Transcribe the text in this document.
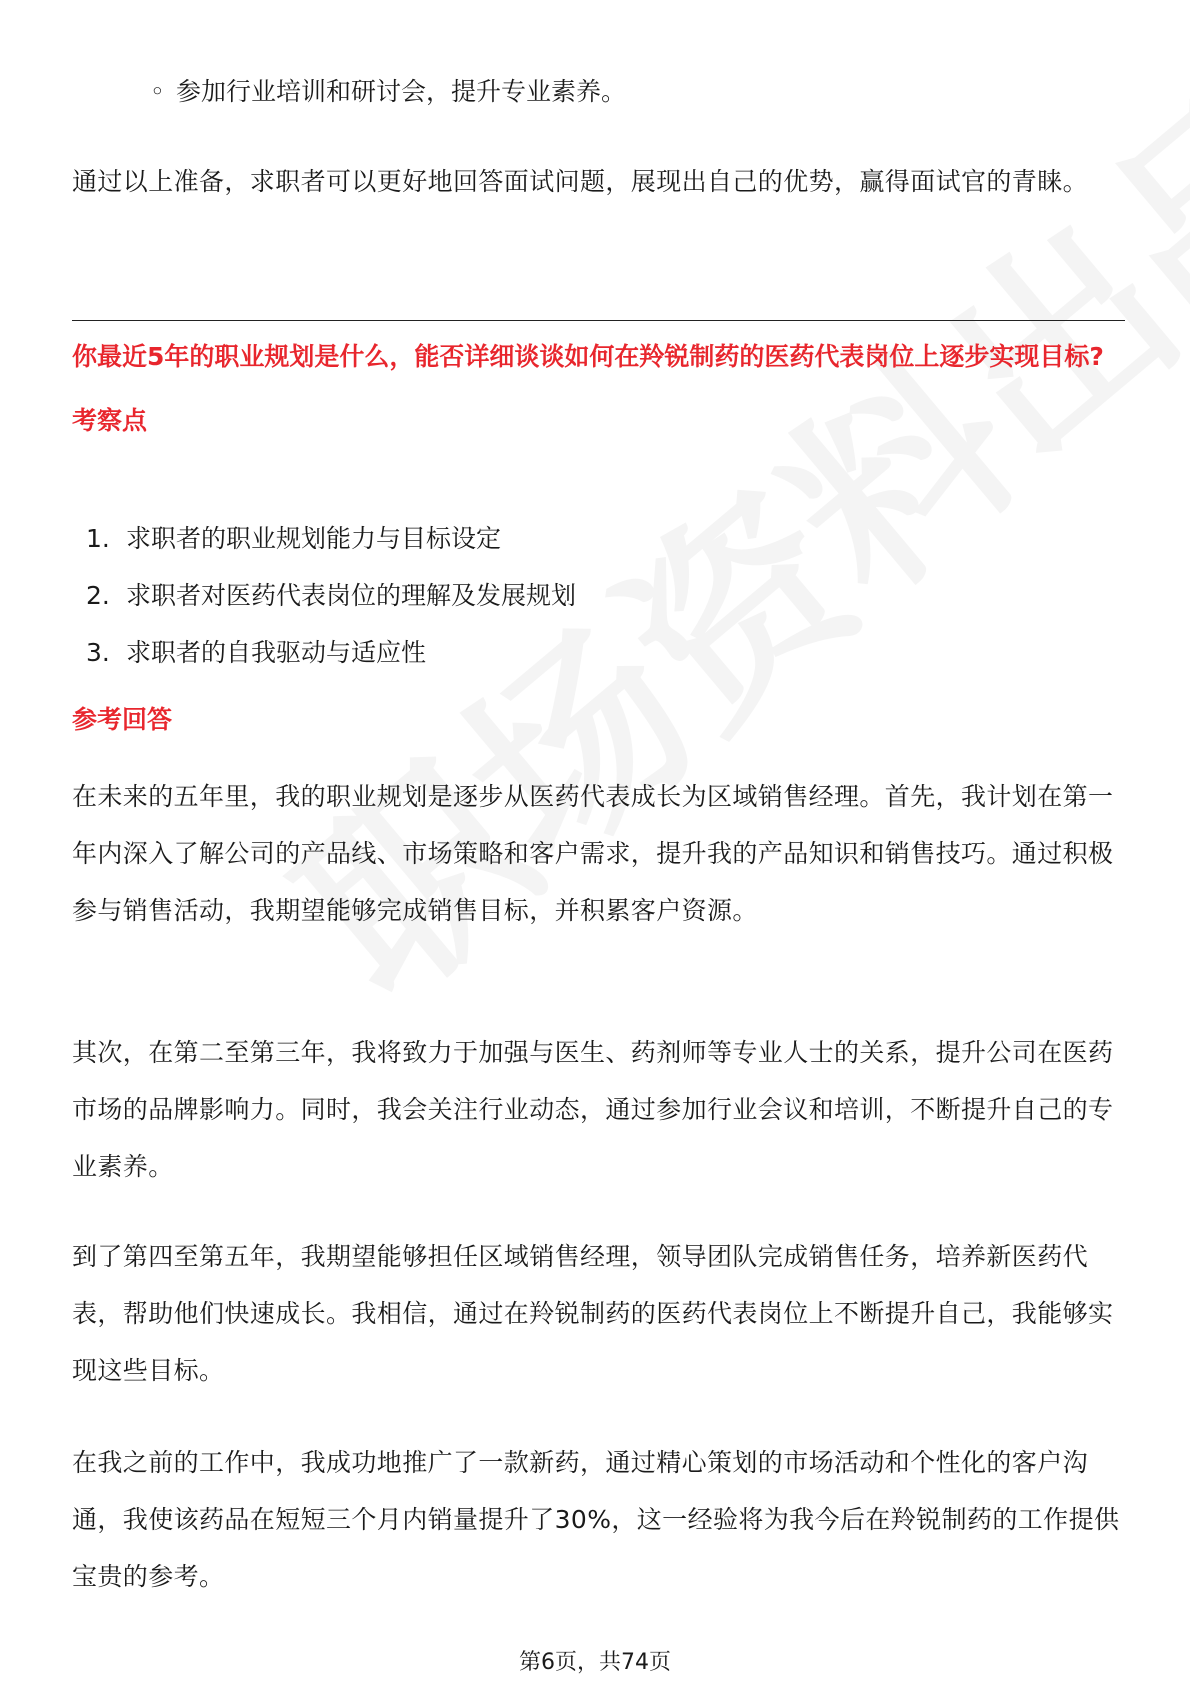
◦ 参加行业培训和研讨会，提升专业素养。

通过以上准备，求职者可以更好地回答面试问题，展现出自己的优势，赢得面试官的青睐。

你最近5年的职业规划是什么，能否详细谈谈如何在羚锐制药的医药代表岗位上逐步实现目标?
考察点
1. 求职者的职业规划能力与目标设定
2. 求职者对医药代表岗位的理解及发展规划
3. 求职者的自我驱动与适应性
参考回答

在未来的五年里，我的职业规划是逐步从医药代表成长为区域销售经理。首先，我计划在第一年内深入了解公司的产品线、市场策略和客户需求，提升我的产品知识和销售技巧。通过积极参与销售活动，我期望能够完成销售目标，并积累客户资源。

其次，在第二至第三年，我将致力于加强与医生、药剂师等专业人士的关系，提升公司在医药市场的品牌影响力。同时，我会关注行业动态，通过参加行业会议和培训，不断提升自己的专业素养。

到了第四至第五年，我期望能够担任区域销售经理，领导团队完成销售任务，培养新医药代表，帮助他们快速成长。我相信，通过在羚锐制药的医药代表岗位上不断提升自己，我能够实现这些目标。

在我之前的工作中，我成功地推广了一款新药，通过精心策划的市场活动和个性化的客户沟通，我使该药品在短短三个月内销量提升了30%，这一经验将为我今后在羚锐制药的工作提供宝贵的参考。

第6页，共74页
